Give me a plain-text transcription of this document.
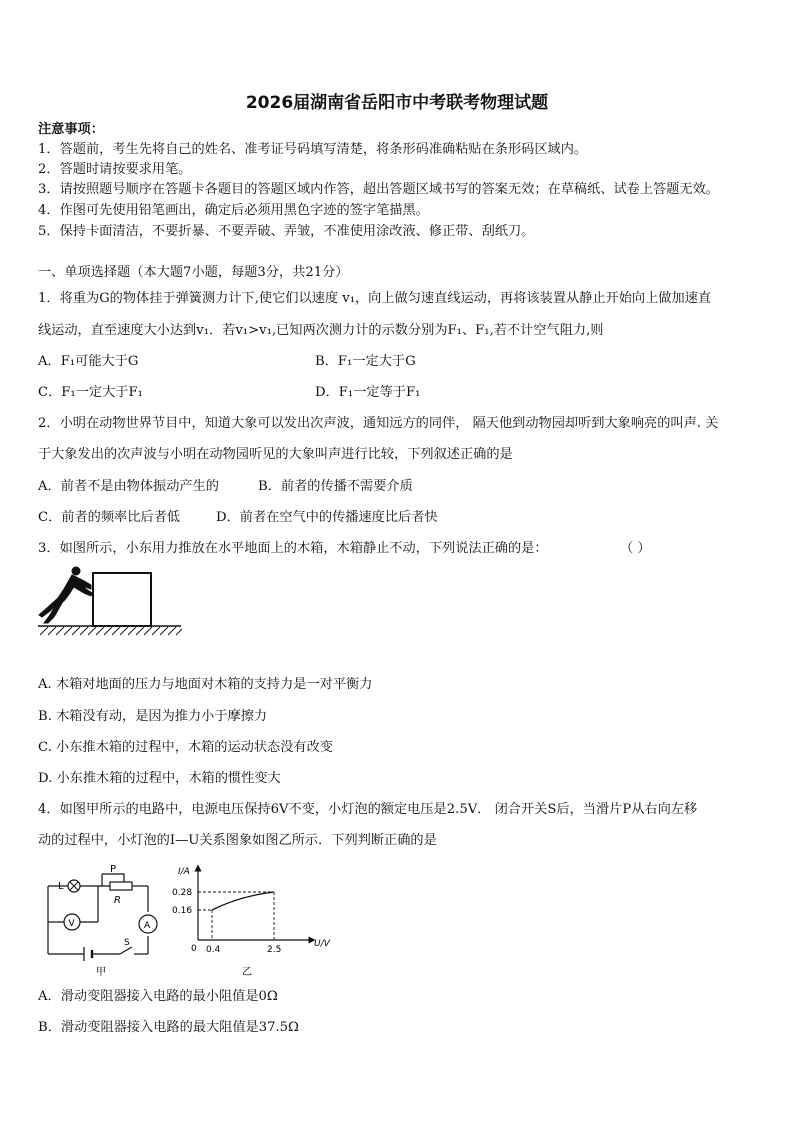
2026届湖南省岳阳市中考联考物理试题
注意事项：
1．答题前，考生先将自己的姓名、准考证号码填写清楚，将条形码准确粘贴在条形码区域内。
2．答题时请按要求用笔。
3．请按照题号顺序在答题卡各题目的答题区域内作答，超出答题区域书写的答案无效；在草稿纸、试卷上答题无效。
4．作图可先使用铅笔画出，确定后必须用黑色字迹的签字笔描黑。
5．保持卡面清洁，不要折暴、不要弄破、弄皱，不准使用涂改液、修正带、刮纸刀。
一、单项选择题（本大题7小题，每题3分，共21分）
1．将重为G的物体挂于弹簧测力计下,使它们以速度 v₁，向上做匀速直线运动，再将该装置从静止开始向上做加速直
线运动，直至速度大小达到v₁．若v₁>v₁,已知两次测力计的示数分别为F₁、F₁,若不计空气阻力,则
A．F₁可能大于G	B．F₁一定大于G
C．F₁一定大于F₁	D．F₁一定等于F₁
2．小明在动物世界节目中，知道大象可以发出次声波，通知远方的同伴， 隔天他到动物园却听到大象响亮的叫声. 关
于大象发出的次声波与小明在动物园听见的大象叫声进行比较，下列叙述正确的是
A．前者不是由物体振动产生的	B．前者的传播不需要介质
C．前者的频率比后者低	D．前者在空气中的传播速度比后者快
3．如图所示，小东用力推放在水平地面上的木箱，木箱静止不动，下列说法正确的是：	（ ）
A. 木箱对地面的压力与地面对木箱的支持力是一对平衡力
B. 木箱没有动，是因为推力小于摩擦力
C. 小东推木箱的过程中，木箱的运动状态没有改变
D. 小东推木箱的过程中，木箱的惯性变大
4．如图甲所示的电路中，电源电压保持6V不变，小灯泡的额定电压是2.5V． 闭合开关S后，当滑片P从右向左移
动的过程中，小灯泡的I—U关系图象如图乙所示．下列判断正确的是
L
P
R
V	A
S
甲
I/A
U/V
0.28
0.16
0 0.4	2.5
乙
A．滑动变阻器接入电路的最小阻值是0Ω
B．滑动变阻器接入电路的最大阻值是37.5Ω
